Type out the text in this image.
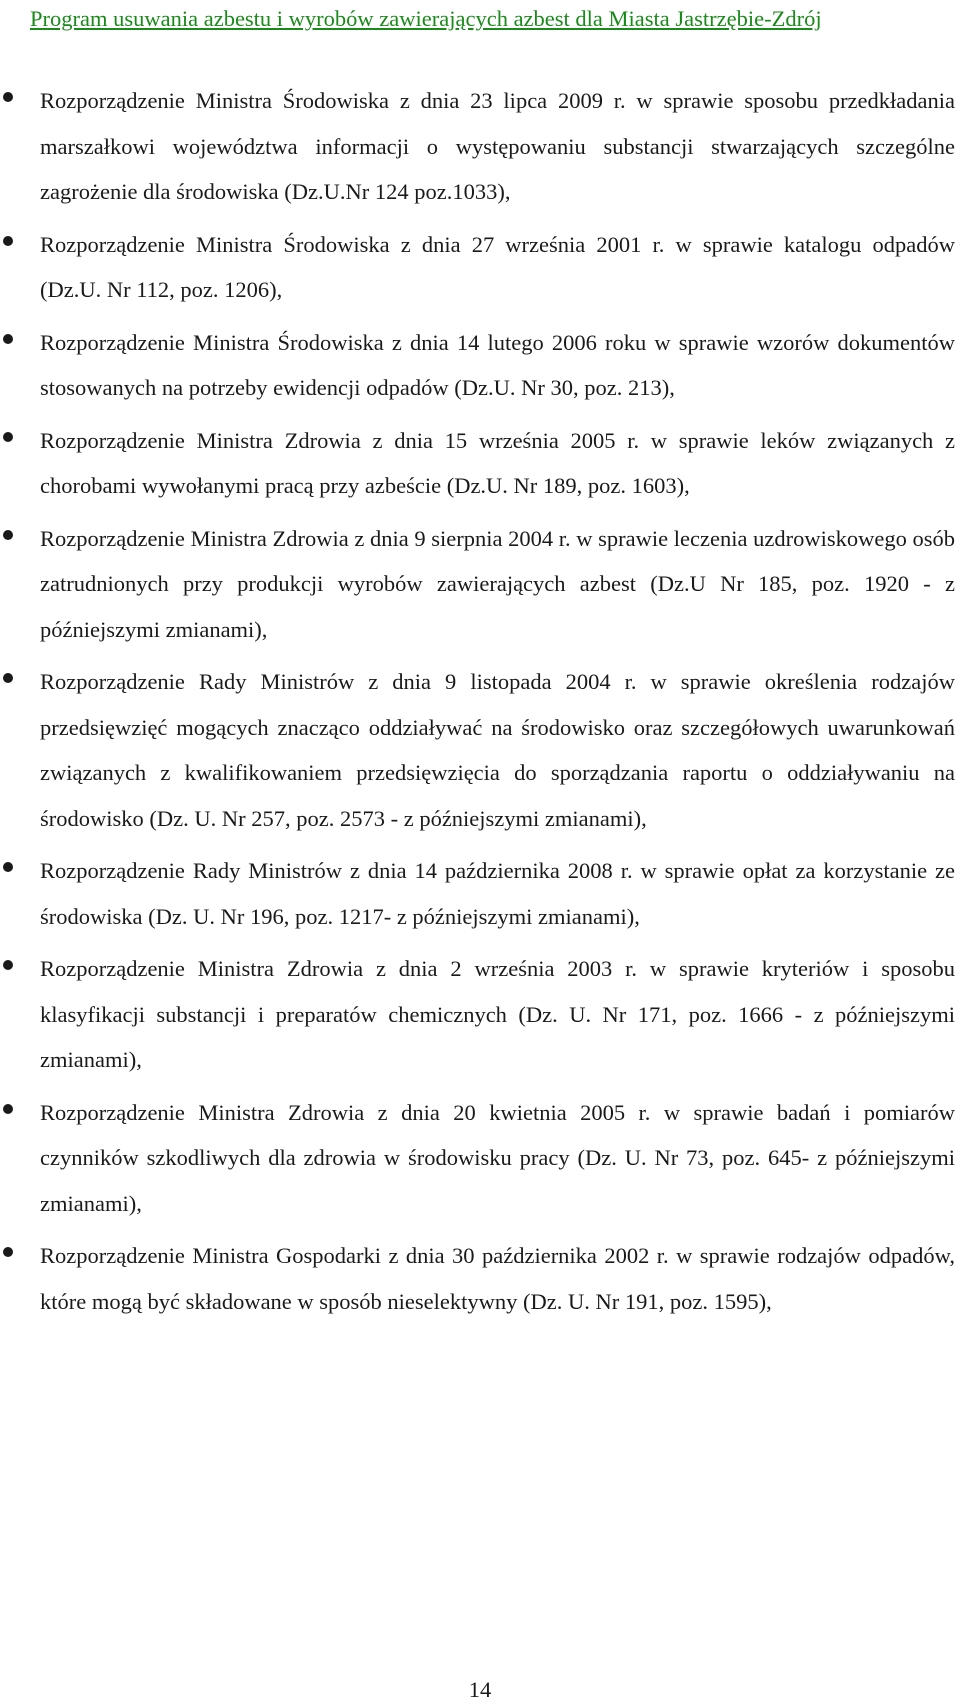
Program usuwania azbestu i wyrobów zawierających azbest dla Miasta Jastrzębie-Zdrój
Rozporządzenie Ministra Środowiska z dnia 23 lipca 2009 r. w sprawie sposobu przedkładania marszałkowi województwa informacji o występowaniu substancji stwarzających szczególne zagrożenie dla środowiska (Dz.U.Nr 124 poz.1033),
Rozporządzenie Ministra Środowiska z dnia 27 września 2001 r. w sprawie katalogu odpadów (Dz.U. Nr 112, poz. 1206),
Rozporządzenie Ministra Środowiska z dnia 14 lutego 2006 roku w sprawie wzorów dokumentów stosowanych na potrzeby ewidencji odpadów (Dz.U. Nr 30, poz. 213),
Rozporządzenie Ministra Zdrowia z dnia 15 września 2005 r. w sprawie leków związanych z chorobami wywołanymi pracą przy azbeście (Dz.U. Nr 189, poz. 1603),
Rozporządzenie Ministra Zdrowia z dnia 9 sierpnia 2004 r. w sprawie leczenia uzdrowiskowego osób zatrudnionych przy produkcji wyrobów zawierających azbest (Dz.U Nr 185, poz. 1920 - z późniejszymi zmianami),
Rozporządzenie Rady Ministrów z dnia 9 listopada 2004 r. w sprawie określenia rodzajów przedsięwzięć mogących znacząco oddziaływać na środowisko oraz szczegółowych uwarunkowań związanych z kwalifikowaniem przedsięwzięcia do sporządzania raportu o oddziaływaniu na środowisko (Dz. U. Nr 257, poz. 2573 - z późniejszymi zmianami),
Rozporządzenie Rady Ministrów z dnia 14 października 2008 r. w sprawie opłat za korzystanie ze środowiska (Dz. U. Nr 196, poz. 1217- z późniejszymi zmianami),
Rozporządzenie Ministra Zdrowia z dnia 2 września 2003 r. w sprawie kryteriów i sposobu klasyfikacji substancji i preparatów chemicznych (Dz. U. Nr 171, poz. 1666 - z późniejszymi zmianami),
Rozporządzenie Ministra Zdrowia z dnia 20 kwietnia 2005 r. w sprawie badań i pomiarów czynników szkodliwych dla zdrowia w środowisku pracy (Dz. U. Nr 73, poz. 645- z późniejszymi zmianami),
Rozporządzenie Ministra Gospodarki z dnia 30 października 2002 r. w sprawie rodzajów odpadów, które mogą być składowane w sposób nieselektywny (Dz. U. Nr 191, poz. 1595),
14
